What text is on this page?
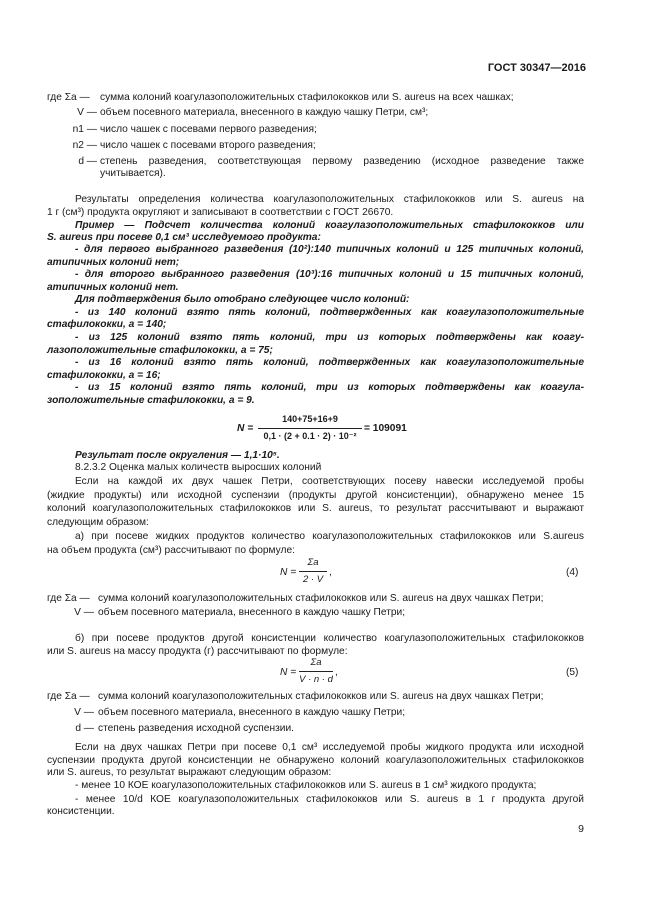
ГОСТ 30347—2016
где Σa — сумма колоний коагулазоположительных стафилококков или S. aureus на всех чашках;
V — объем посевного материала, внесенного в каждую чашку Петри, см³;
n1 — число чашек с посевами первого разведения;
n2 — число чашек с посевами второго разведения;
d — степень разведения, соответствующая первому разведению (исходное разведение также
учитывается).
Результаты определения количества коагулазоположительных стафилококков или S. aureus на
1 г (см³) продукта округляют и записывают в соответствии с ГОСТ 26670.
Пример — Подсчет количества колоний коагулазоположительных стафилококков или
S. aureus при посеве 0,1 см³ исследуемого продукта:
- для первого выбранного разведения (10²):140 типичных колоний и 125 типичных колоний,
атипичных колоний нет;
- для второго выбранного разведения (10³):16 типичных колоний и 15 типичных колоний,
атипичных колоний нет.
Для подтверждения было отобрано следующее число колоний:
- из 140 колоний взято пять колоний, подтвержденных как коагулазоположительные
стафилококки, a = 140;
- из 125 колоний взято пять колоний, три из которых подтверждены как коагу-
лазоположительные стафилококки, a = 75;
- из 16 колоний взято пять колоний, подтвержденных как коагулазоположительные
стафилококки, a = 16;
- из 15 колоний взято пять колоний, три из которых подтверждены как коагула-
зоположительные стафилококки, a = 9.
N =
140+75+16+9
0,1 · (2 + 0.1 · 2) · 10⁻²
= 109091
Результат после округления — 1,1·10⁵.
8.2.3.2 Оценка малых количеств выросших колоний
Если на каждой их двух чашек Петри, соответствующих посеву навески исследуемой пробы
(жидкие продукты) или исходной суспензии (продукты другой консистенции), обнаружено менее 15
колоний коагулазоположительных стафилококков или S. aureus, то результат рассчитывают и выражают
следующим образом:
а) при посеве жидких продуктов количество коагулазоположительных стафилококков или S.aureus
на объем продукта (см³) рассчитывают по формуле:
N =
Σa
2 · V
,	(4)
где Σa — сумма колоний коагулазоположительных стафилококков или S. aureus на двух чашках Петри;
V — объем посевного материала, внесенного в каждую чашку Петри;
б) при посеве продуктов другой консистенции количество коагулазоположительных стафилококков
или S. aureus на массу продукта (г) рассчитывают по формуле:
N =
Σa
V · n · d
,	(5)
где Σa — сумма колоний коагулазоположительных стафилококков или S. aureus на двух чашках Петри;
V — объем посевного материала, внесенного в каждую чашку Петри;
d — степень разведения исходной суспензии.
Если на двух чашках Петри при посеве 0,1 см³ исследуемой пробы жидкого продукта или исходной
суспензии продукта другой консистенции не обнаружено колоний коагулазоположительных стафилококков
или S. aureus, то результат выражают следующим образом:
- менее 10 КОЕ коагулазоположительных стафилококков или S. aureus в 1 см³ жидкого продукта;
- менее 10/d КОЕ коагулазоположительных стафилококков или S. aureus в 1 г продукта другой
консистенции.
9
